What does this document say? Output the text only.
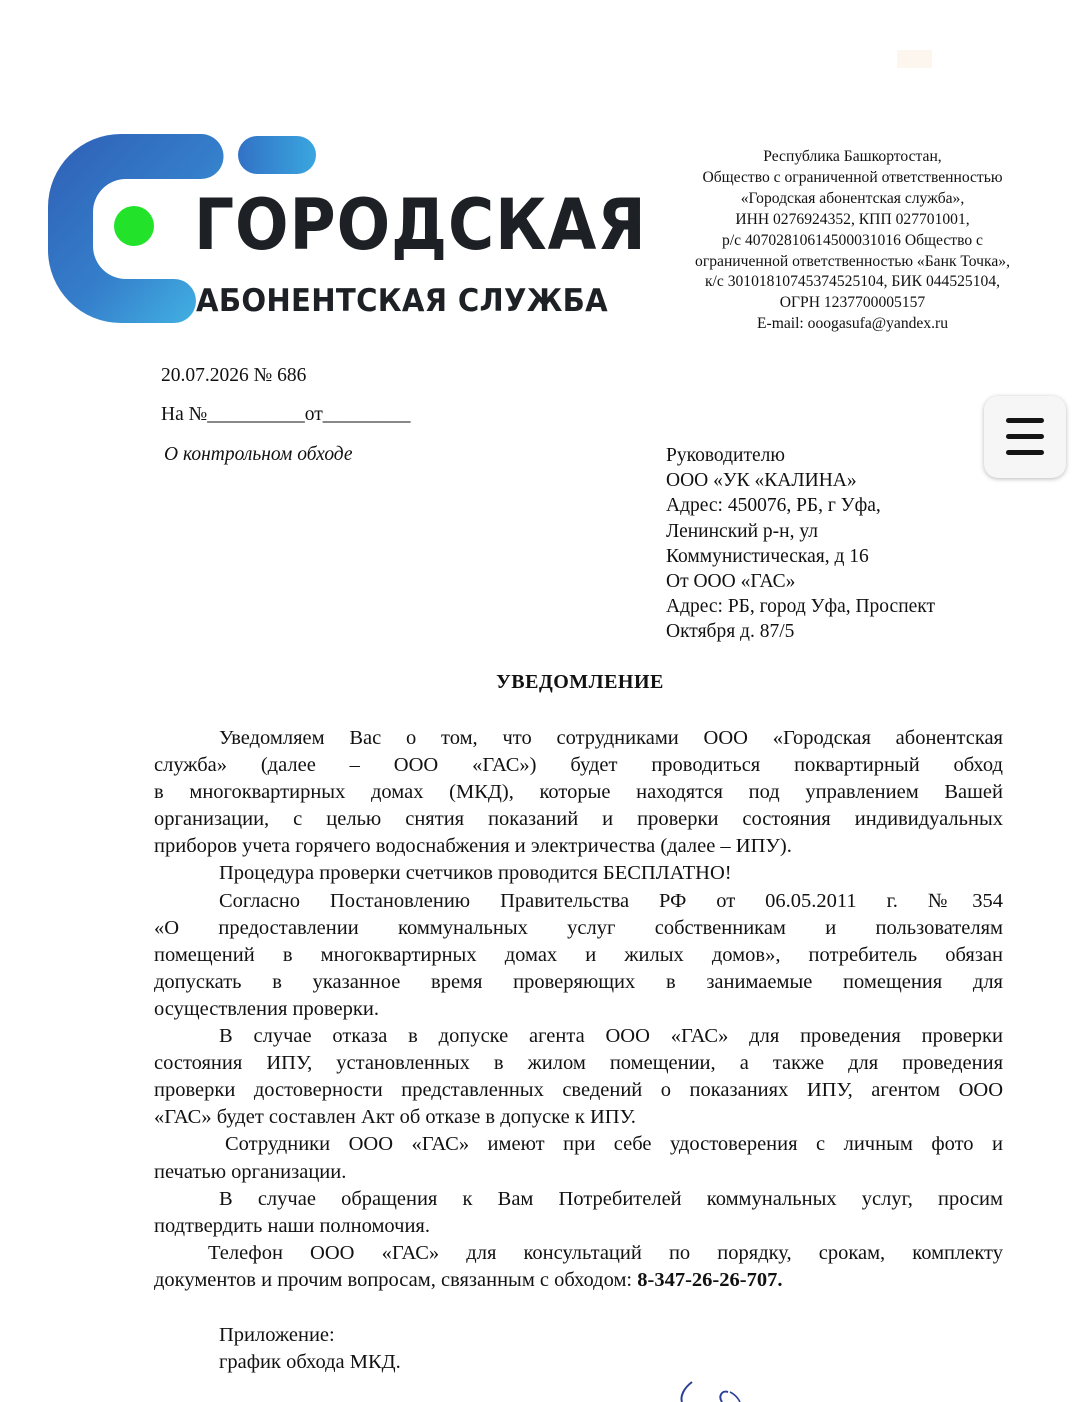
ГОРОДСКАЯ
АБОНЕНТСКАЯ СЛУЖБА
Республика Башкортостан,
Общество с ограниченной ответственностью
«Городская абонентская служба»,
ИНН 0276924352, КПП 027701001,
р/с 40702810614500031016 Общество с
ограниченной ответственностью «Банк Точка»,
к/с 30101810745374525104, БИК 044525104,
ОГРН 1237700005157
E-mail: ooogasufa@yandex.ru
20.07.2026 № 686
На №__________от_________
О контрольном обходе	Руководителю
ООО «УК «КАЛИНА»
Адрес: 450076, РБ, г Уфа,
Ленинский р-н, ул
Коммунистическая, д 16
От ООО «ГАС»
Адрес: РБ, город Уфа, Проспект
Октября д. 87/5
УВЕДОМЛЕНИЕ

Уведомляем Вас о том, что сотрудниками ООО «Городская абонентская

служба» (далее – ООО «ГАС») будет проводиться поквартирный обход

в многоквартирных домах (МКД), которые находятся под управлением Вашей

организации, с целью снятия показаний и проверки состояния индивидуальных

приборов учета горячего водоснабжения и электричества (далее – ИПУ).

Процедура проверки счетчиков проводится БЕСПЛАТНО!

Согласно Постановлению Правительства РФ от 06.05.2011 г. №354

«О предоставлении коммунальных услуг собственникам и пользователям

помещений в многоквартирных домах и жилых домов», потребитель обязан

допускать в указанное время проверяющих в занимаемые помещения для

осуществления проверки.

В случае отказа в допуске агента ООО «ГАС» для проведения проверки

состояния ИПУ, установленных в жилом помещении, а также для проведения

проверки достоверности представленных сведений о показаниях ИПУ, агентом ООО

«ГАС» будет составлен Акт об отказе в допуске к ИПУ.

Сотрудники ООО «ГАС» имеют при себе удостоверения с личным фото и

печатью организации.

В случае обращения к Вам Потребителей коммунальных услуг, просим

подтвердить наши полномочия.

Телефон ООО «ГАС» для консультаций по порядку, срокам, комплекту

документов и прочим вопросам, связанным с обходом: 8-347-26-26-707.

Приложение:
график обхода МКД.
